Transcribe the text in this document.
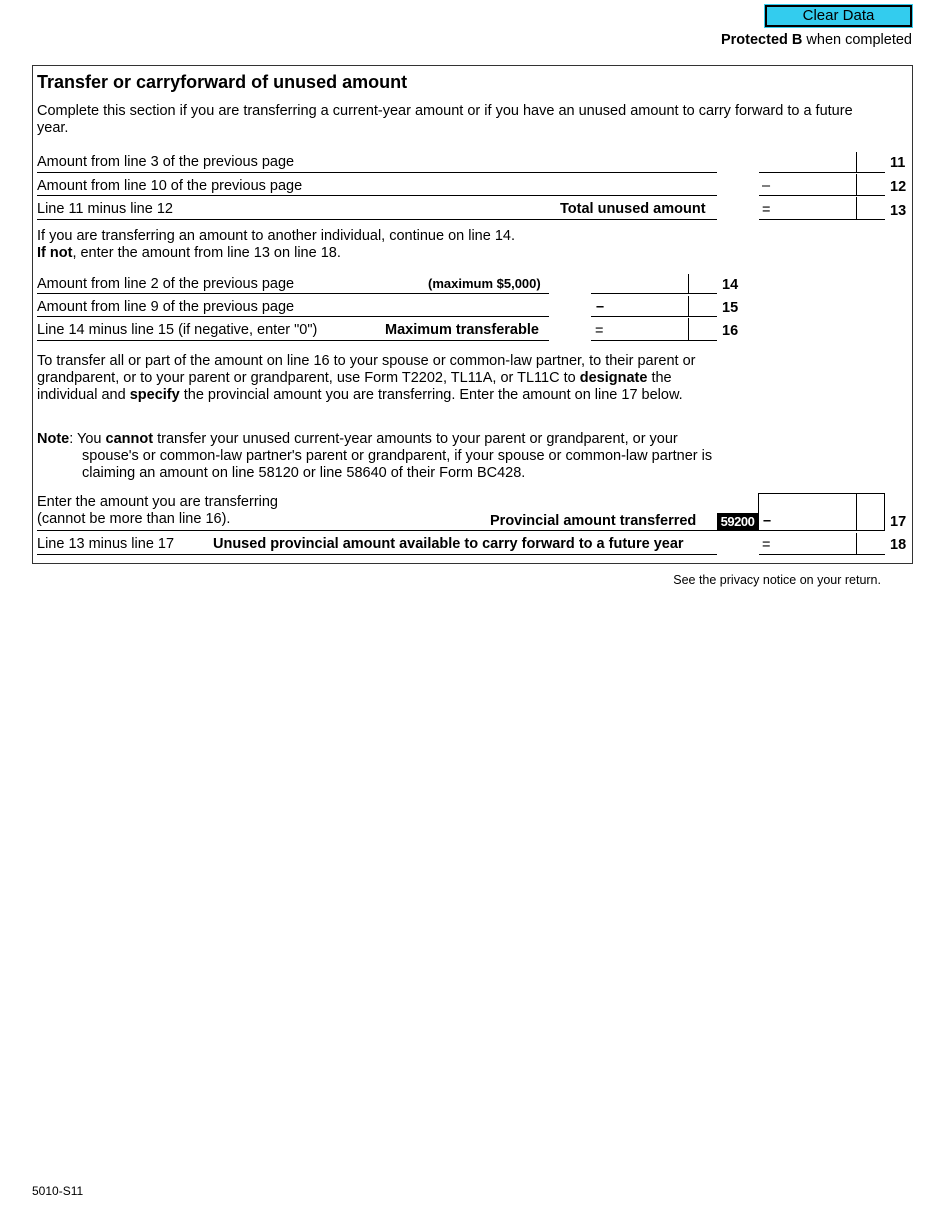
Clear Data
Protected B when completed
Transfer or carryforward of unused amount
Complete this section if you are transferring a current-year amount or if you have an unused amount to carry forward to a future year.
Amount from line 3 of the previous page	11
Amount from line 10 of the previous page	–	12
Line 11 minus line 12	Total unused amount	=	13
If you are transferring an amount to another individual, continue on line 14.
If not, enter the amount from line 13 on line 18.
Amount from line 2 of the previous page	(maximum $5,000)	14
Amount from line 9 of the previous page	–	15
Line 14 minus line 15 (if negative, enter "0")	Maximum transferable	=	16
To transfer all or part of the amount on line 16 to your spouse or common-law partner, to their parent or grandparent, or to your parent or grandparent, use Form T2202, TL11A, or TL11C to designate the individual and specify the provincial amount you are transferring. Enter the amount on line 17 below.
Note: You cannot transfer your unused current-year amounts to your parent or grandparent, or your spouse's or common-law partner's parent or grandparent, if your spouse or common-law partner is claiming an amount on line 58120 or line 58640 of their Form BC428.
Enter the amount you are transferring
(cannot be more than line 16).	Provincial amount transferred 59200 –	17
Line 13 minus line 17	Unused provincial amount available to carry forward to a future year	=	18
See the privacy notice on your return.
5010-S11
